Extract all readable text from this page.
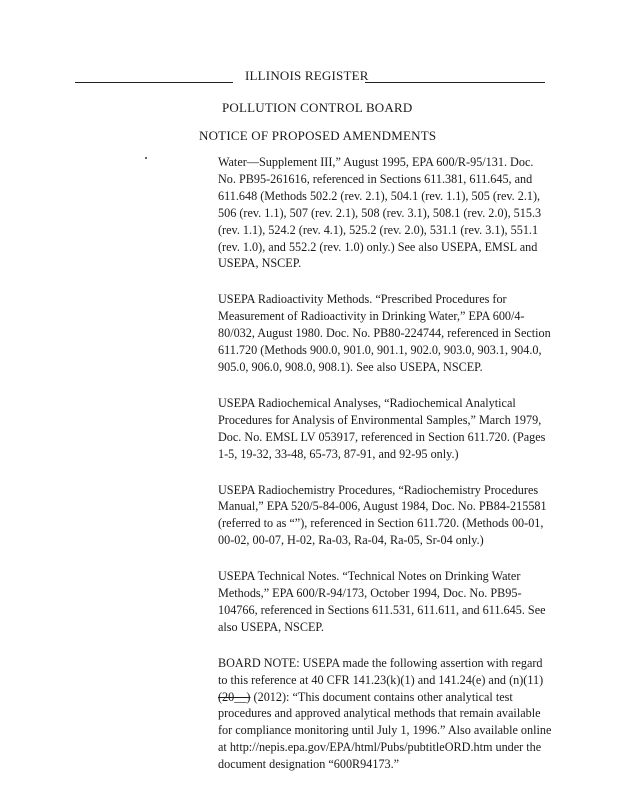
ILLINOIS REGISTER
POLLUTION CONTROL BOARD
NOTICE OF PROPOSED AMENDMENTS

Water—Supplement III,” August 1995, EPA 600/R-95/131. Doc. No. PB95-261616, referenced in Sections 611.381, 611.645, and 611.648 (Methods 502.2 (rev. 2.1), 504.1 (rev. 1.1), 505 (rev. 2.1), 506 (rev. 1.1), 507 (rev. 2.1), 508 (rev. 3.1), 508.1 (rev. 2.0), 515.3 (rev. 1.1), 524.2 (rev. 4.1), 525.2 (rev. 2.0), 531.1 (rev. 3.1), 551.1 (rev. 1.0), and 552.2 (rev. 1.0) only.) See also USEPA, EMSL and USEPA, NSCEP.

USEPA Radioactivity Methods. “Prescribed Procedures for Measurement of Radioactivity in Drinking Water,” EPA 600/4-80/032, August 1980. Doc. No. PB80-224744, referenced in Section 611.720 (Methods 900.0, 901.0, 901.1, 902.0, 903.0, 903.1, 904.0, 905.0, 906.0, 908.0, 908.1). See also USEPA, NSCEP.

USEPA Radiochemical Analyses, “Radiochemical Analytical Procedures for Analysis of Environmental Samples,” March 1979, Doc. No. EMSL LV 053917, referenced in Section 611.720. (Pages 1-5, 19-32, 33-48, 65-73, 87-91, and 92-95 only.)

USEPA Radiochemistry Procedures, “Radiochemistry Procedures Manual,” EPA 520/5-84-006, August 1984, Doc. No. PB84-215581 (referred to as “”), referenced in Section 611.720. (Methods 00-01, 00-02, 00-07, H-02, Ra-03, Ra-04, Ra-05, Sr-04 only.)

USEPA Technical Notes. “Technical Notes on Drinking Water Methods,” EPA 600/R-94/173, October 1994, Doc. No. PB95-104766, referenced in Sections 611.531, 611.611, and 611.645. See also USEPA, NSCEP.

BOARD NOTE: USEPA made the following assertion with regard to this reference at 40 CFR 141.23(k)(1) and 141.24(e) and (n)(11) (20__) (2012): “This document contains other analytical test procedures and approved analytical methods that remain available for compliance monitoring until July 1, 1996.” Also available online at http://nepis.epa.gov/EPA/html/Pubs/pubtitleORD.htm under the document designation “600R94173.”
